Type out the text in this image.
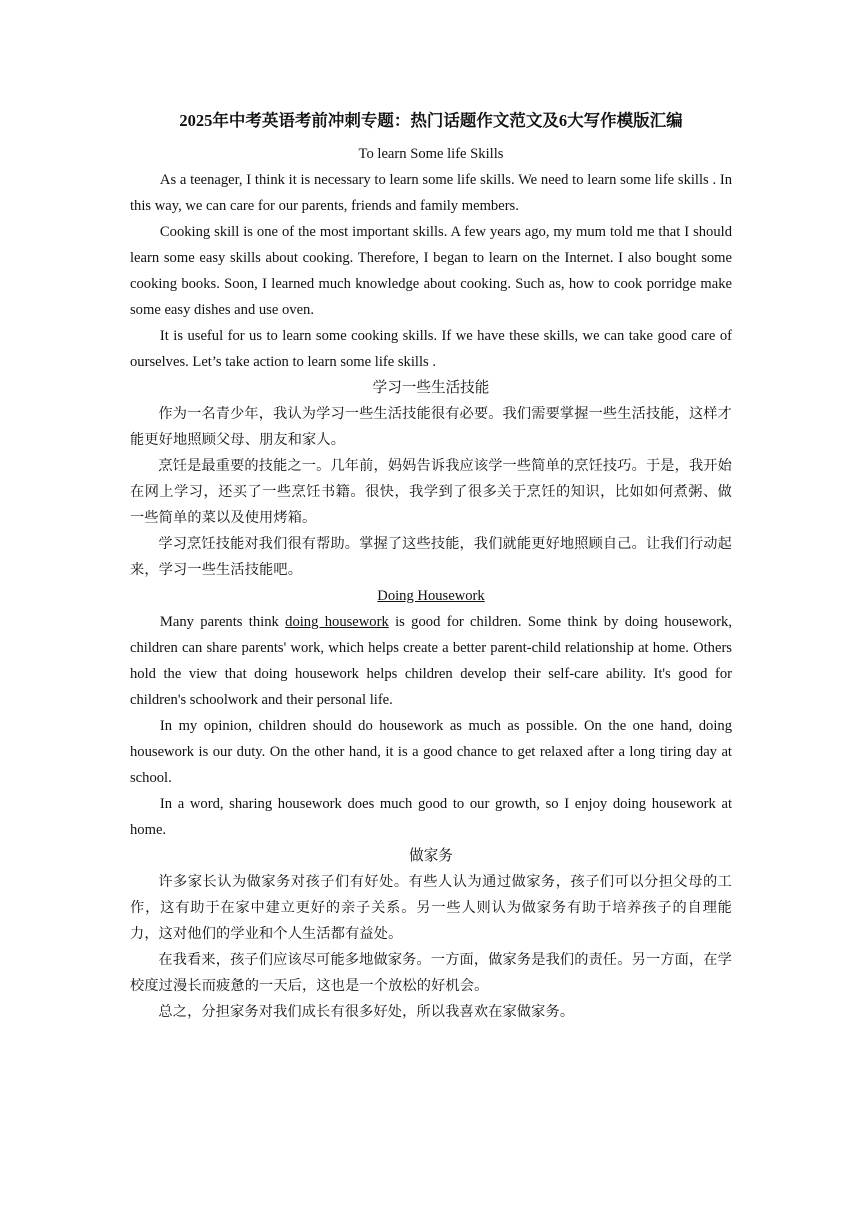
2025年中考英语考前冲刺专题：热门话题作文范文及6大写作模版汇编
To learn Some life Skills

As a teenager, I think it is necessary to learn some life skills. We need to learn some life skills . In this way, we can care for our parents, friends and family members.

Cooking skill is one of the most important skills. A few years ago, my mum told me that I should learn some easy skills about cooking. Therefore, I began to learn on the Internet. I also bought some cooking books. Soon, I learned much knowledge about cooking. Such as, how to cook porridge make some easy dishes and use oven.

It is useful for us to learn some cooking skills. If we have these skills, we can take good care of ourselves. Let’s take action to learn some life skills .

学习一些生活技能

作为一名青少年，我认为学习一些生活技能很有必要。我们需要掌握一些生活技能，这样才能更好地照顾父母、朋友和家人。

烹饪是最重要的技能之一。几年前，妈妈告诉我应该学一些简单的烹饪技巧。于是，我开始在网上学习，还买了一些烹饪书籍。很快，我学到了很多关于烹饪的知识，比如如何煮粥、做一些简单的菜以及使用烤箱。

学习烹饪技能对我们很有帮助。掌握了这些技能，我们就能更好地照顾自己。让我们行动起来，学习一些生活技能吧。

Doing Housework

Many parents think doing housework is good for children. Some think by doing housework, children can share parents' work, which helps create a better parent-child relationship at home. Others hold the view that doing housework helps children develop their self-care ability. It's good for children's schoolwork and their personal life.

In my opinion, children should do housework as much as possible. On the one hand, doing housework is our duty. On the other hand, it is a good chance to get relaxed after a long tiring day at school.

In a word, sharing housework does much good to our growth, so I enjoy doing housework at home.

做家务

许多家长认为做家务对孩子们有好处。有些人认为通过做家务，孩子们可以分担父母的工作，这有助于在家中建立更好的亲子关系。另一些人则认为做家务有助于培养孩子的自理能力，这对他们的学业和个人生活都有益处。

在我看来，孩子们应该尽可能多地做家务。一方面，做家务是我们的责任。另一方面，在学校度过漫长而疲惫的一天后，这也是一个放松的好机会。

总之，分担家务对我们成长有很多好处，所以我喜欢在家做家务。
